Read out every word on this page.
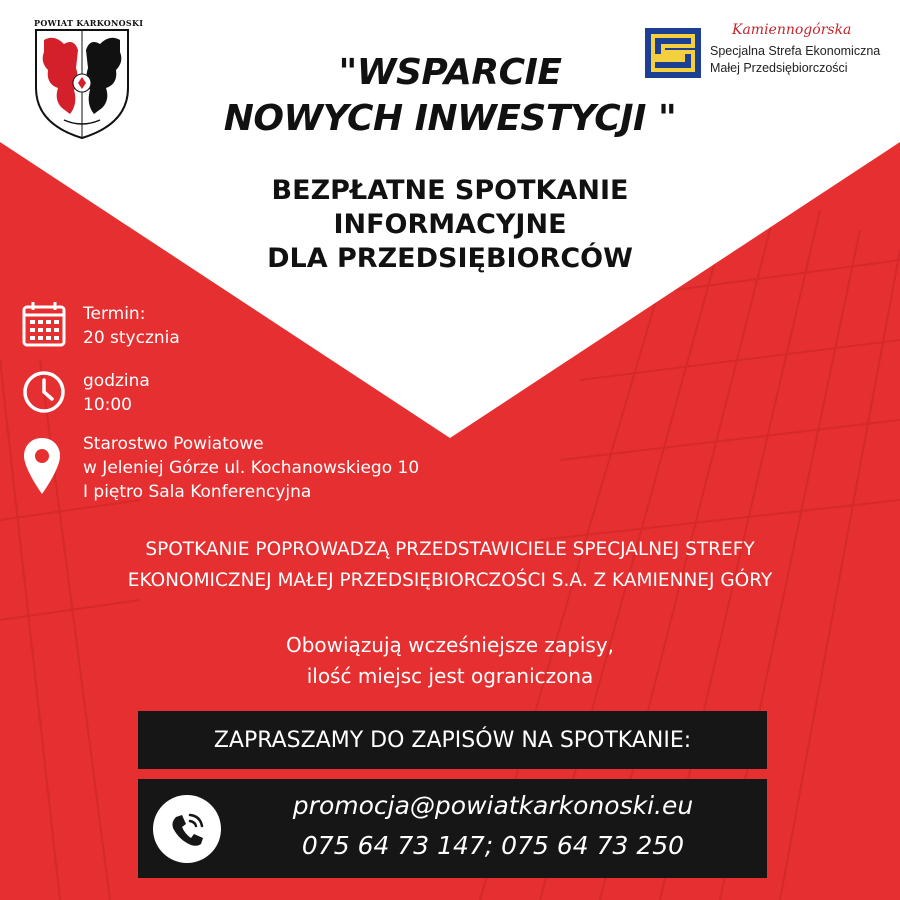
POWIAT KARKONOSKI	Kamiennogórska
Specjalna Strefa Ekonomiczna
Małej Przedsiębiorczości
"WSPARCIE
NOWYCH INWESTYCJI "
BEZPŁATNE SPOTKANIE
INFORMACYJNE
DLA PRZEDSIĘBIORCÓW
Termin:
20 stycznia
godzina
10:00
Starostwo Powiatowe
w Jeleniej Górze ul. Kochanowskiego 10
I piętro Sala Konferencyjna
SPOTKANIE POPROWADZĄ PRZEDSTAWICIELE SPECJALNEJ STREFY
EKONOMICZNEJ MAŁEJ PRZEDSIĘBIORCZOŚCI S.A. Z KAMIENNEJ GÓRY
Obowiązują wcześniejsze zapisy,
ilość miejsc jest ograniczona
ZAPRASZAMY DO ZAPISÓW NA SPOTKANIE:
promocja@powiatkarkonoski.eu
075 64 73 147; 075 64 73 250
